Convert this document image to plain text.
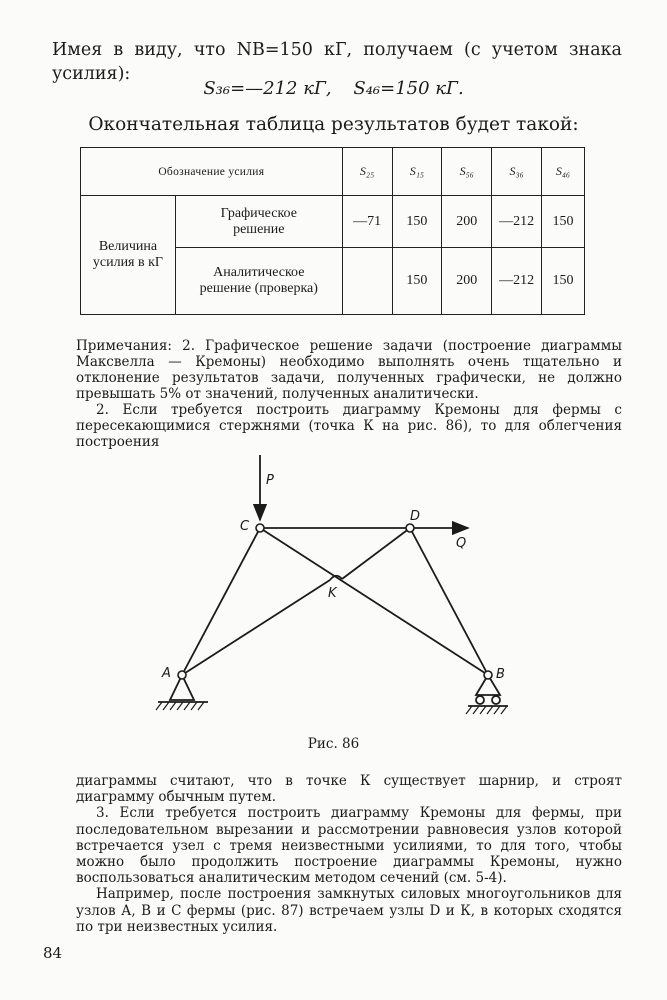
Имея в виду, что NΒ=150 кГ, получаем (с учетом знака усилия):
S₃₆=—212 кГ, S₄₆=150 кГ.
Окончательная таблица результатов будет такой:
Обозначение усилия		S₂₅	S₁₅	S₅₆	S₃₆	S₄₆
Величина усилия в кГ	Графическое решение	—71	150	200	—212	150
	Аналитическое решение (проверка)		150	200	—212	150

Примечания: 2. Графическое решение задачи (построение диаграммы Максвелла — Кремоны) необходимо выполнять очень тщательно и отклонение результатов задачи, полученных графически, не должно превышать 5% от значений, полученных аналитически.

2. Если требуется построить диаграмму Кремоны для фермы с пересекающимися стержнями (точка К на рис. 86), то для облегчения построения

P
C
D
Q
K
A	B
Рис. 86

диаграммы считают, что в точке К существует шарнир, и строят диаграмму обычным путем.

3. Если требуется построить диаграмму Кремоны для фермы, при последовательном вырезании и рассмотрении равновесия узлов которой встречается узел с тремя неизвестными усилиями, то для того, чтобы можно было продолжить построение диаграммы Кремоны, нужно воспользоваться аналитическим методом сечений (см. 5-4).

Например, после построения замкнутых силовых многоугольников для узлов А, В и С фермы (рис. 87) встречаем узлы D и К, в которых сходятся по три неизвестных усилия.

84
